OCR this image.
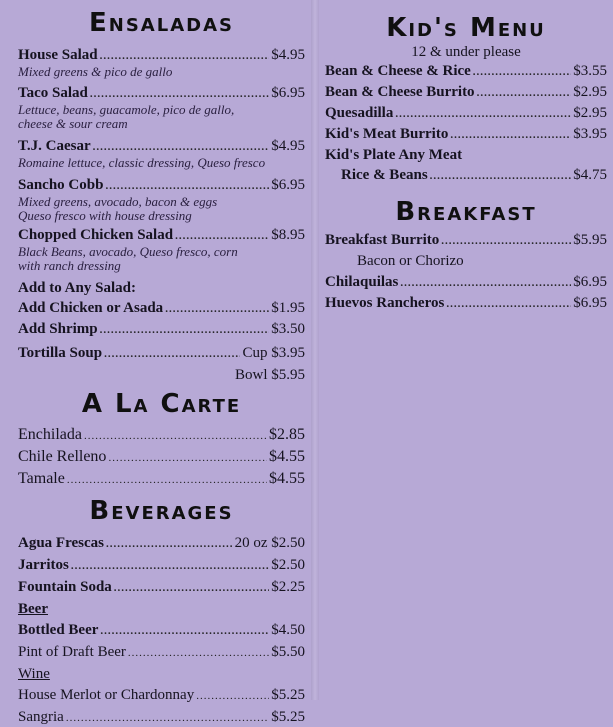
Ensaladas
House Salad .....	$4.95
Mixed greens & pico de gallo
Taco Salad .....	$6.95
Lettuce, beans, guacamole, pico de gallo,
cheese & sour cream
T.J. Caesar .....	$4.95
Romaine lettuce, classic dressing, Queso fresco
Sancho Cobb .....	$6.95
Mixed greens, avocado, bacon & eggs
Queso fresco with house dressing
Chopped Chicken Salad .....	$8.95
Black Beans, avocado, Queso fresco, corn
with ranch dressing
Add to Any Salad:
Add Chicken or Asada .....	$1.95
Add Shrimp .....	$3.50
Tortilla Soup .....	Cup $3.95
Bowl $5.95
A La Carte
Enchilada .....	$2.85
Chile Relleno .....	$4.55
Tamale .....	$4.55
Beverages
Agua Frescas .....	20 oz $2.50
Jarritos .....	$2.50
Fountain Soda .....	$2.25
Beer
Bottled Beer .....	$4.50
Pint of Draft Beer .....	$5.50
Wine
House Merlot or Chardonnay .....	$5.25
Sangria .....	$5.25
Kid's Menu
12 & under please
Bean & Cheese & Rice .....	$3.55
Bean & Cheese Burrito .....	$2.95
Quesadilla .....	$2.95
Kid's Meat Burrito .....	$3.95
Kid's Plate Any Meat
Rice & Beans .....	$4.75
Breakfast
Breakfast Burrito .....	$5.95
Bacon or Chorizo
Chilaquilas .....	$6.95
Huevos Rancheros .....	$6.95
